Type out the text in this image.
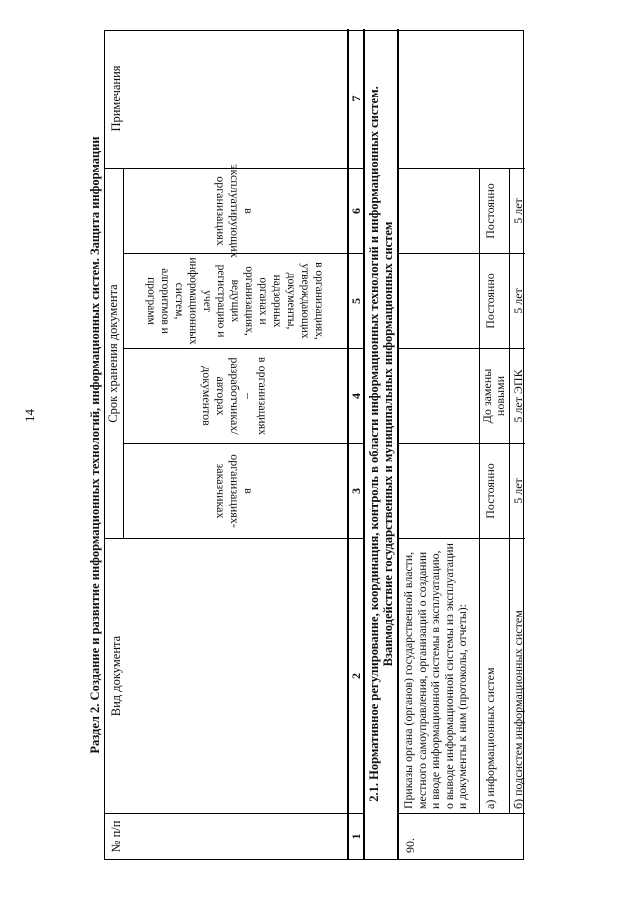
14	Раздел 2. Создание и развитие информационных технологий, информационных систем. Защита информации
№ п/п
Вид документа
Срок хранения документа
Примечания
в организациях-заказчиках
в организациях – разработчиках/авторах документов
в организациях, утверждающих документы, надзорных органах и организациях, ведущих регистрацию и учет информационных систем, алгоритмов и программ
в эксплуатирующих организациях
1
2
3
4
5
6
7 2.1. Нормативное регулирование, координация, контроль в области информационных технологий и информационных систем. Взаимодействие государственных и муниципальных информационных систем
90.
Приказы органа (органов) государственной власти, местного самоуправления, организаций о создании и вводе информационной системы в эксплуатацию, о выводе информационной системы из эксплуатации и документы к ним (протоколы, отчеты):	а) информационных систем
Постоянно
До замены новыми
Постоянно
Постоянно
б) подсистем информационных систем
5 лет
5 лет ЭПК
5 лет
5 лет
